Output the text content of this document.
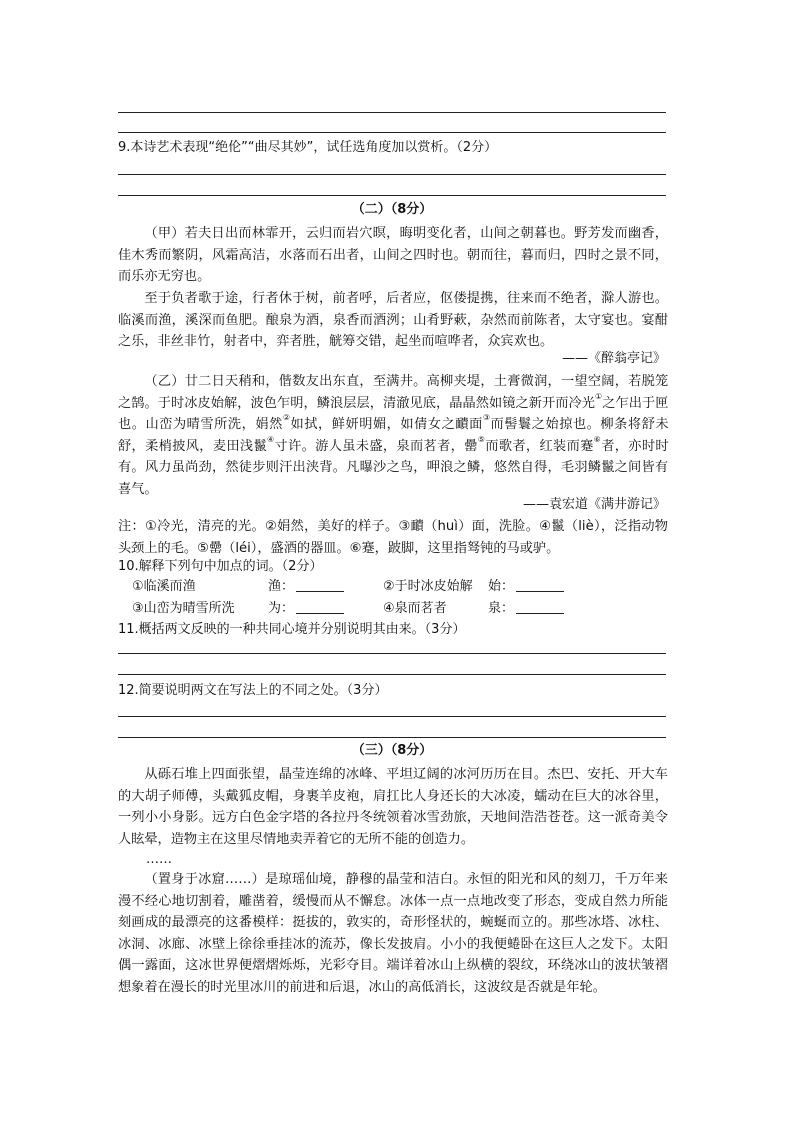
9.本诗艺术表现“绝伦”“曲尽其妙”，试任选角度加以赏析。（2分）
（二）（8分）

（甲）若夫日出而林霏开，云归而岩穴暝，晦明变化者，山间之朝暮也。野芳发而幽香，佳木秀而繁阴，风霜高洁，水落而石出者，山间之四时也。朝而往，暮而归，四时之景不同，而乐亦无穷也。

至于负者歌于途，行者休于树，前者呼，后者应，伛偻提携，往来而不绝者，滁人游也。临溪而渔，溪深而鱼肥。酿泉为酒，泉香而酒洌；山肴野蔌，杂然而前陈者，太守宴也。宴酣之乐，非丝非竹，射者中，弈者胜，觥筹交错，起坐而喧哗者，众宾欢也。

——《醉翁亭记》

（乙）廿二日天稍和，偕数友出东直，至满井。高柳夹堤，土膏微润，一望空阔，若脱笼之鹄。于时冰皮始解，波色乍明，鳞浪层层，清澈见底，晶晶然如镜之新开而冷光①之乍出于匣也。山峦为晴雪所洗，娟然②如拭，鲜妍明媚，如倩女之靧面③而髻鬟之始掠也。柳条将舒未舒，柔梢披风，麦田浅鬣④寸许。游人虽未盛，泉而茗者，罍⑤而歌者，红装而蹇⑥者，亦时时有。风力虽尚劲，然徒步则汗出浃背。凡曝沙之鸟，呷浪之鳞，悠然自得，毛羽鳞鬣之间皆有喜气。

——袁宏道《满井游记》

注：①冷光，清亮的光。②娟然，美好的样子。③靧（huì）面，洗脸。④鬣（liè），泛指动物头颈上的毛。⑤罍（léi），盛酒的器皿。⑥蹇，跛脚，这里指驽钝的马或驴。

10.解释下列句中加点的词。（2分）
①临溪而渔	渔：	②于时冰皮始解	始：
③山峦为晴雪所洗	为：	④泉而茗者	泉：
11.概括两文反映的一种共同心境并分别说明其由来。（3分）
12.简要说明两文在写法上的不同之处。（3分）
（三）（8分）

从砾石堆上四面张望，晶莹连绵的冰峰、平坦辽阔的冰河历历在目。杰巴、安托、开大车的大胡子师傅，头戴狐皮帽，身裹羊皮袍，肩扛比人身还长的大冰凌，蠕动在巨大的冰谷里，一列小小身影。远方白色金字塔的各拉丹冬统领着冰雪劲旅，天地间浩浩苍苍。这一派奇美令人眩晕，造物主在这里尽情地卖弄着它的无所不能的创造力。

……

（置身于冰窟……）是琼瑶仙境，静穆的晶莹和洁白。永恒的阳光和风的刻刀，千万年来漫不经心地切割着，雕凿着，缓慢而从不懈怠。冰体一点一点地改变了形态，变成自然力所能刻画成的最漂亮的这番模样：挺拔的，敦实的，奇形怪状的，蜿蜒而立的。那些冰塔、冰柱、冰洞、冰廊、冰壁上徐徐垂挂冰的流苏，像长发披肩。小小的我便蜷卧在这巨人之发下。太阳偶一露面，这冰世界便熠熠烁烁，光彩夺目。端详着冰山上纵横的裂纹，环绕冰山的波状皱褶想象着在漫长的时光里冰川的前进和后退，冰山的高低消长，这波纹是否就是年轮。
